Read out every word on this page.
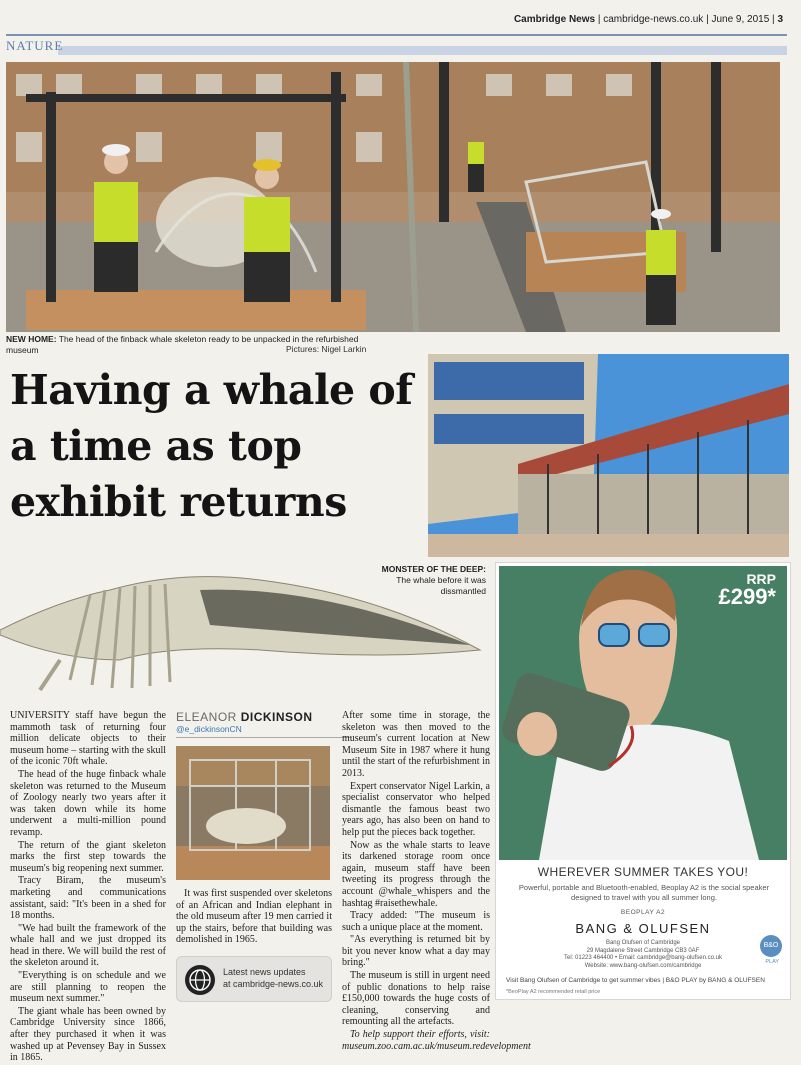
Cambridge News | cambridge-news.co.uk | June 9, 2015 | 3
NATURE
NEW HOME: The head of the finback whale skeleton ready to be unpacked in the refurbished museum	Pictures: Nigel Larkin
Having a whale of a time as top exhibit returns
MONSTER OF THE DEEP: The whale before it was dissmantled

UNIVERSITY staff have begun the mammoth task of returning four million delicate objects to their museum home – starting with the skull of the iconic 70ft whale.

The head of the huge finback whale skeleton was returned to the Museum of Zoology nearly two years after it was taken down while its home underwent a multi-million pound revamp.

The return of the giant skeleton marks the first step towards the museum's big reopening next summer.

Tracy Biram, the museum's marketing and communications assistant, said: "It's been in a shed for 18 months.

"We had built the framework of the whale hall and we just dropped its head in there. We will build the rest of the skeleton around it.

"Everything is on schedule and we are still planning to reopen the museum next summer."

The giant whale has been owned by Cambridge University since 1866, after they purchased it when it was washed up at Pevensey Bay in Sussex in 1865.

ELEANOR DICKINSON
@e_dickinsonCN

It was first suspended over skeletons of an African and Indian elephant in the old museum after 19 men carried it up the stairs, before that building was demolished in 1965.

Latest news updates
at cambridge-news.co.uk

After some time in storage, the skeleton was then moved to the museum's current location at New Museum Site in 1987 where it hung until the start of the refurbishment in 2013.

Expert conservator Nigel Larkin, a specialist conservator who helped dismantle the famous beast two years ago, has also been on hand to help put the pieces back together.

Now as the whale starts to leave its darkened storage room once again, museum staff have been tweeting its progress through the account @whale_whispers and the hashtag #raisethewhale.

Tracy added: "The museum is such a unique place at the moment.

"As everything is returned bit by bit you never know what a day may bring."

The museum is still in urgent need of public donations to help raise £150,000 towards the huge costs of cleaning, conserving and remounting all the artefacts.

To help support their efforts, visit: museum.zoo.cam.ac.uk/museum.redevelopment

RRP
£299*
WHEREVER SUMMER TAKES YOU!
Powerful, portable and Bluetooth-enabled, Beoplay A2 is the social speaker designed to travel with you all summer long.
BEOPLAY A2
BANG & OLUFSEN
Bang Olufsen of Cambridge
29 Magdalene Street Cambridge CB3 0AF
Tel: 01223 464400 • Email: cambridge@bang-olufsen.co.uk
Website: www.bang-olufsen.com/cambridge
B&O
PLAY
Visit Bang Olufsen of Cambridge to get summer vibes | B&O PLAY by BANG & OLUFSEN
*BeoPlay A2 recommended retail price
